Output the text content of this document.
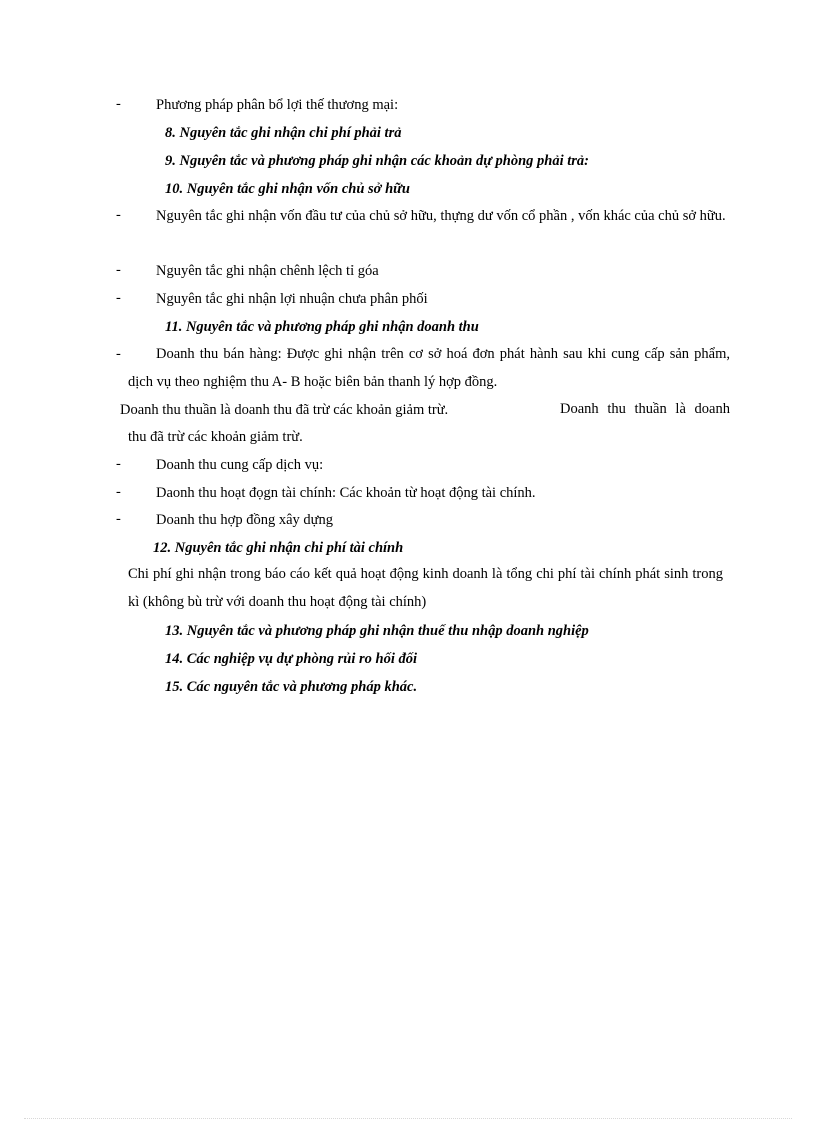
- Phương pháp phân bổ lợi thế thương mại:
8. Nguyên tắc ghi nhận chi phí phải trả
9. Nguyên tắc và phương pháp ghi nhận các khoản dự phòng phải trả:
10. Nguyên tắc ghi nhận vốn chủ sở hữu
-	Nguyên tắc ghi nhận vốn đầu tư của chủ sở hữu, thựng dư vốn cổ phần , vốn khác của chủ sở hữu.
- Nguyên tắc ghi nhận chênh lệch tỉ góa
- Nguyên tắc ghi nhận lợi nhuận chưa phân phối
11. Nguyên tắc và phương pháp ghi nhận doanh thu
-	Doanh thu bán hàng: Được ghi nhận trên cơ sở hoá đơn phát hành sau khi cung cấp sản phẩm, dịch vụ theo nghiệm thu A- B hoặc biên bản thanh lý hợp đồng.
Doanh thu thuần là doanh thu đã trừ các khoản giảm trừ.	Doanh thu thuần là doanh thu đã trừ các khoản giảm trừ.
- Doanh thu cung cấp dịch vụ:
- Daonh thu hoạt đọgn tài chính: Các khoản từ hoạt động tài chính.
- Doanh thu hợp đồng xây dựng
12. Nguyên tắc ghi nhận chi phí tài chính
Chi phí ghi nhận trong báo cáo kết quả hoạt động kinh doanh là tổng chi phí tài chính phát sinh trong kì (không bù trừ với doanh thu hoạt động tài chính)
13. Nguyên tắc và phương pháp ghi nhận thuế thu nhập doanh nghiệp
14. Các nghiệp vụ dự phòng rủi ro hối đối
15. Các nguyên tắc và phương pháp khác.
